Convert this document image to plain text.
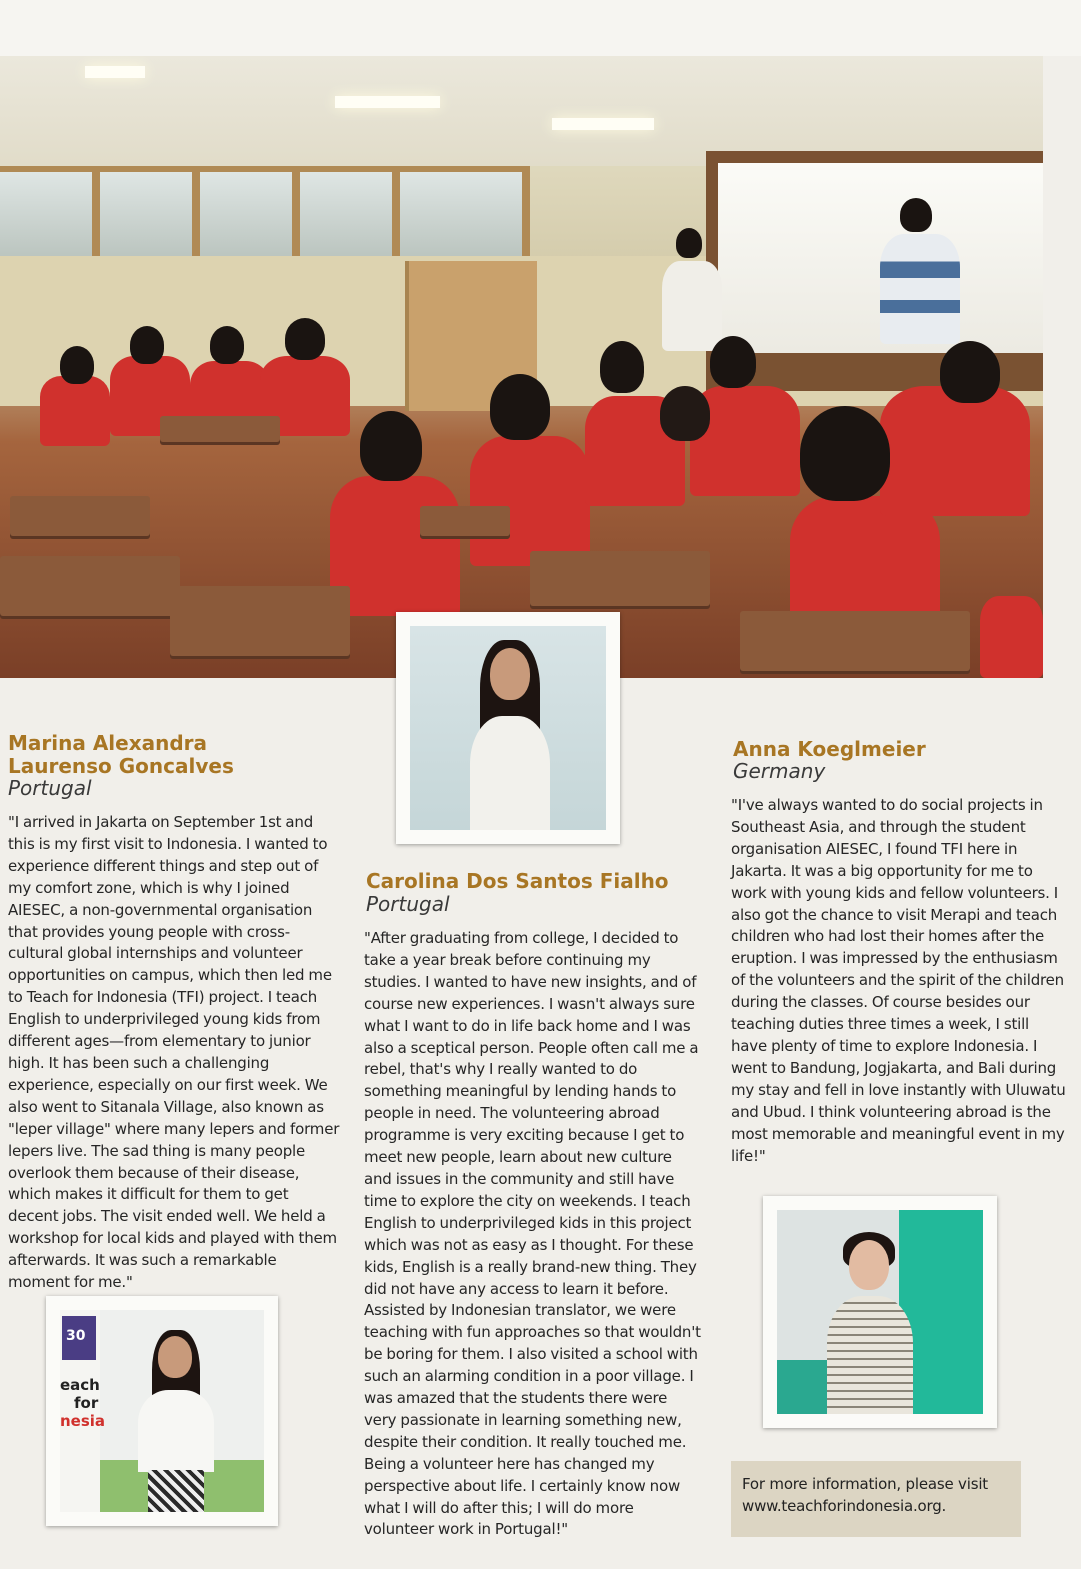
30
each
for
nesia

Marina Alexandra

Laurenso Goncalves

Portugal

"I arrived in Jakarta on September 1st and this is my first visit to Indonesia. I wanted to experience different things and step out of my comfort zone, which is why I joined AIESEC, a non-governmental organisation that provides young people with cross-cultural global internships and volunteer opportunities on campus, which then led me to Teach for Indonesia (TFI) project. I teach English to underprivileged young kids from different ages—from elementary to junior high. It has been such a challenging experience, especially on our first week. We also went to Sitanala Village, also known as "leper village" where many lepers and former lepers live. The sad thing is many people overlook them because of their disease, which makes it difficult for them to get decent jobs. The visit ended well. We held a workshop for local kids and played with them afterwards. It was such a remarkable moment for me."

Carolina Dos Santos Fialho

Portugal

"After graduating from college, I decided to take a year break before continuing my studies. I wanted to have new insights, and of course new experiences. I wasn't always sure what I want to do in life back home and I was also a sceptical person. People often call me a rebel, that's why I really wanted to do something meaningful by lending hands to people in need. The volunteering abroad programme is very exciting because I get to meet new people, learn about new culture and issues in the community and still have time to explore the city on weekends. I teach English to underprivileged kids in this project which was not as easy as I thought. For these kids, English is a really brand-new thing. They did not have any access to learn it before. Assisted by Indonesian translator, we were teaching with fun approaches so that wouldn't be boring for them. I also visited a school with such an alarming condition in a poor village. I was amazed that the students there were very passionate in learning something new, despite their condition. It really touched me. Being a volunteer here has changed my perspective about life. I certainly know now what I will do after this; I will do more volunteer work in Portugal!"

Anna Koeglmeier

Germany

"I've always wanted to do social projects in Southeast Asia, and through the student organisation AIESEC, I found TFI here in Jakarta. It was a big opportunity for me to work with young kids and fellow volunteers. I also got the chance to visit Merapi and teach children who had lost their homes after the eruption. I was impressed by the enthusiasm of the volunteers and the spirit of the children during the classes. Of course besides our teaching duties three times a week, I still have plenty of time to explore Indonesia. I went to Bandung, Jogjakarta, and Bali during my stay and fell in love instantly with Uluwatu and Ubud. I think volunteering abroad is the most memorable and meaningful event in my life!"

For more information, please visit

www.teachforindonesia.org.
